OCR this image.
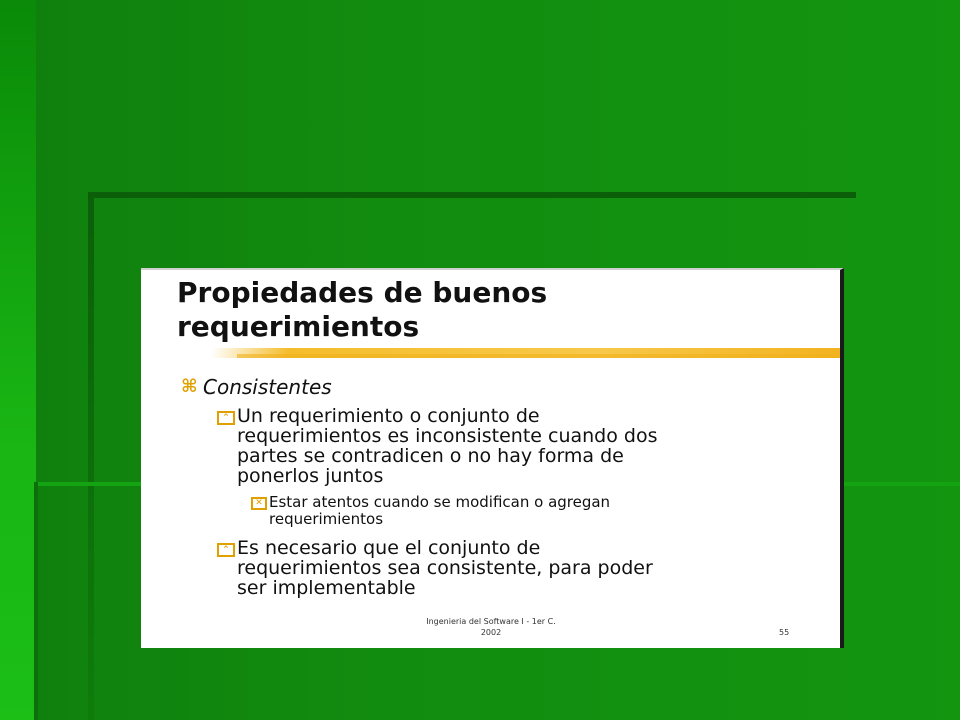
Propiedades de buenos
requerimientos
⌘ Consistentes
⌃ Un requerimiento o conjunto de
requerimientos es inconsistente cuando dos
partes se contradicen o no hay forma de
ponerlos juntos
✕ Estar atentos cuando se modifican o agregan
requerimientos
⌃ Es necesario que el conjunto de
requerimientos sea consistente, para poder
ser implementable
Ingenieria del Software I - 1er C.
2002	55
